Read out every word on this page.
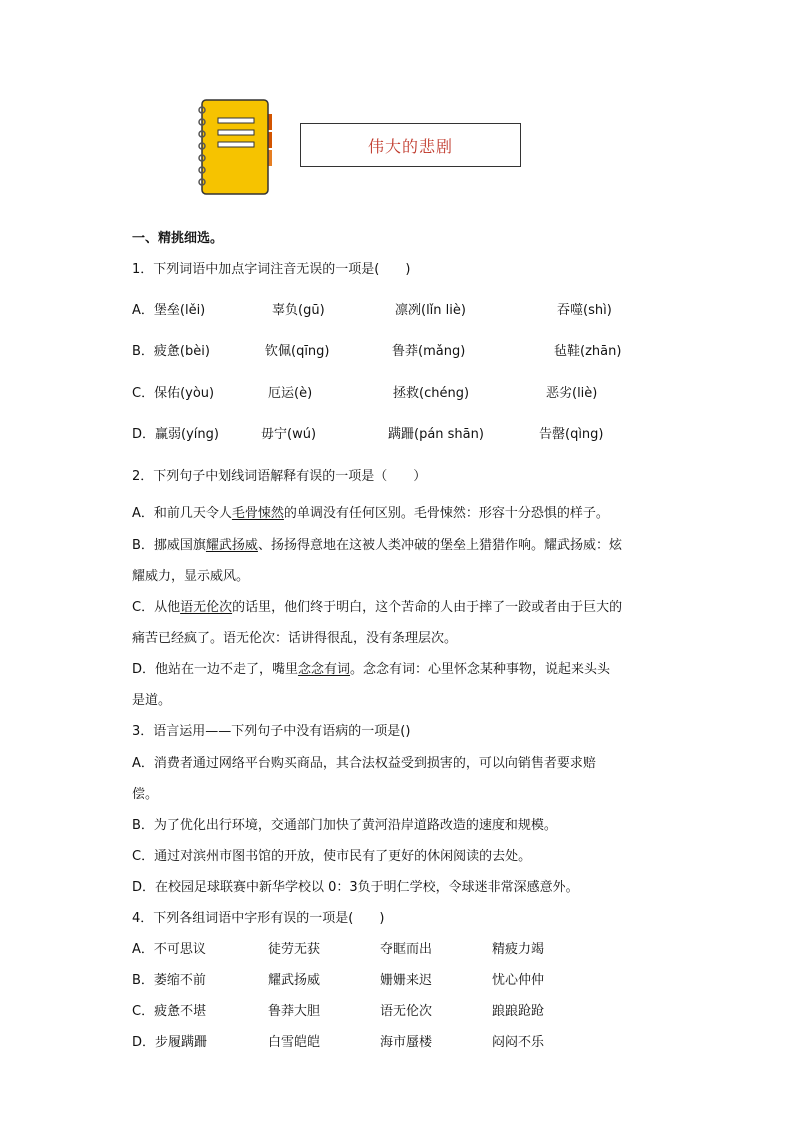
伟大的悲剧
一、精挑细选。
1．下列词语中加点字词注音无误的一项是(　　)
A．堡垒(lěi)	辜负(gū)	凛冽(lǐn liè)	吞噬(shì)
B．疲惫(bèi)	钦佩(qīng)	鲁莽(mǎng)	毡鞋(zhān)
C．保佑(yòu)	厄运(è)	拯救(chéng)	恶劣(liè)
D．赢弱(yíng)	毋宁(wú)	蹒跚(pán shān)	告罄(qìng)
2．下列句子中划线词语解释有误的一项是（　　）
A．和前几天令人毛骨悚然的单调没有任何区别。毛骨悚然：形容十分恐惧的样子。
B．挪威国旗耀武扬威、扬扬得意地在这被人类冲破的堡垒上猎猎作响。耀武扬威：炫
耀威力，显示威风。
C．从他语无伦次的话里，他们终于明白，这个苦命的人由于摔了一跤或者由于巨大的
痛苦已经疯了。语无伦次：话讲得很乱，没有条理层次。
D．他站在一边不走了，嘴里念念有词。念念有词：心里怀念某种事物，说起来头头
是道。
3．语言运用——下列句子中没有语病的一项是()
A．消费者通过网络平台购买商品，其合法权益受到损害的，可以向销售者要求赔
偿。
B．为了优化出行环境，交通部门加快了黄河沿岸道路改造的速度和规模。
C．通过对滨州市图书馆的开放，使市民有了更好的休闲阅读的去处。
D．在校园足球联赛中新华学校以 0：3负于明仁学校，令球迷非常深感意外。
4．下列各组词语中字形有误的一项是(　　)
A．不可思议	徒劳无获	夺眶而出	精疲力竭
B．萎缩不前	耀武扬威	姗姗来迟	忧心仲仲
C．疲惫不堪	鲁莽大胆	语无伦次	踉踉跄跄
D．步履蹒跚	白雪皑皑	海市蜃楼	闷闷不乐
